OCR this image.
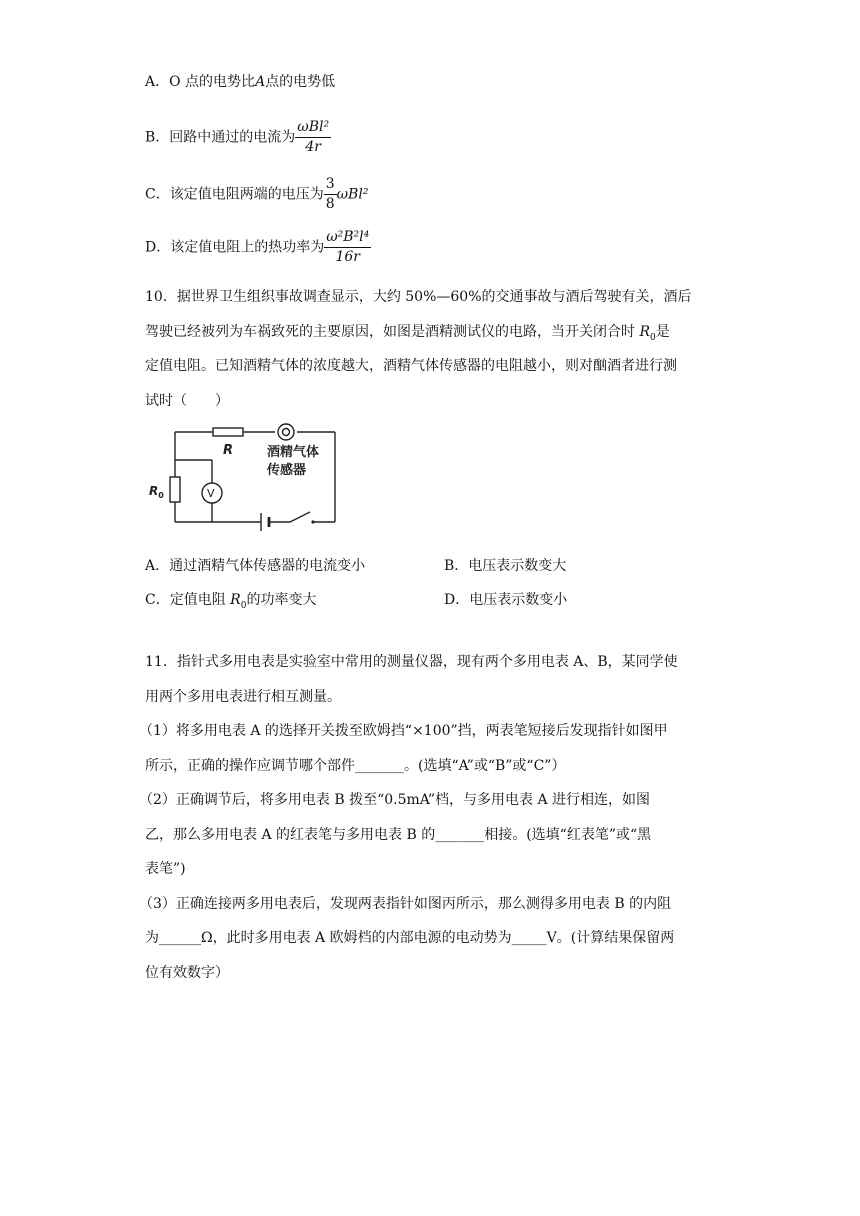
A．O 点的电势比A点的电势低
B．回路中通过的电流为 $\frac{\text{ωBl²}}{4r}$
C．该定值电阻两端的电压为 $\frac{3}{8} \omega Bl^2$
D．该定值电阻上的热功率为 $\frac{\text{ω²B²l⁴}}{16r}$
10．据世界卫生组织事故调查显示，大约 50%—60%的交通事故与酒后驾驶有关，酒后
驾驶已经被列为车祸致死的主要原因，如图是酒精测试仪的电路，当开关闭合时 $R_0$是
定值电阻。已知酒精气体的浓度越大，酒精气体传感器的电阻越小，则对酗酒者进行测
试时（　　）
R
$R_0$	V
酒精气体
传感器
A．通过酒精气体传感器的电流变小	B．电压表示数变大
C．定值电阻 $R_0$的功率变大	D．电压表示数变小
11．指针式多用电表是实验室中常用的测量仪器，现有两个多用电表 A、B，某同学使
用两个多用电表进行相互测量。
（1）将多用电表 A 的选择开关拨至欧姆挡“×100”挡，两表笔短接后发现指针如图甲
所示，正确的操作应调节哪个部件_______。(选填“A”或“B”或“C”）
（2）正确调节后，将多用电表 B 拨至“0.5mA”档，与多用电表 A 进行相连，如图
乙，那么多用电表 A 的红表笔与多用电表 B 的_______相接。(选填“红表笔”或“黑
表笔”)
（3）正确连接两多用电表后，发现两表指针如图丙所示，那么测得多用电表 B 的内阻
为______Ω，此时多用电表 A 欧姆档的内部电源的电动势为_____V。(计算结果保留两
位有效数字）
